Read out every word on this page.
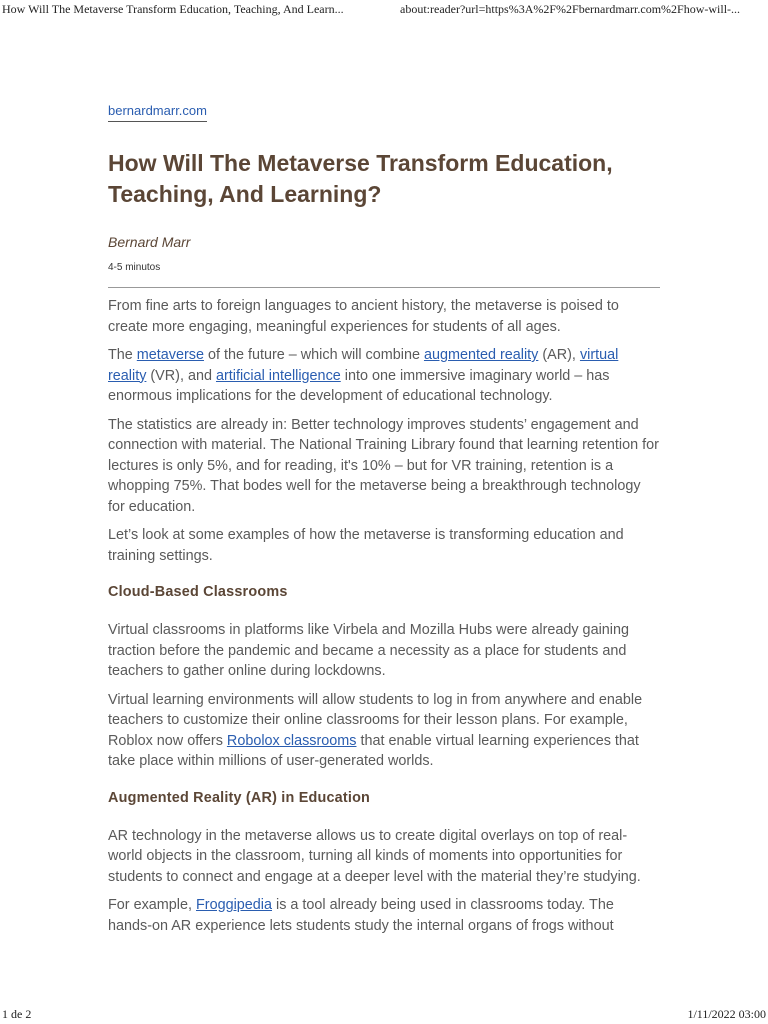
How Will The Metaverse Transform Education, Teaching, And Learn...	about:reader?url=https%3A%2F%2Fbernardmarr.com%2Fhow-will-...
bernardmarr.com
How Will The Metaverse Transform Education, Teaching, And Learning?
Bernard Marr
4-5 minutos

From fine arts to foreign languages to ancient history, the metaverse is poised to create more engaging, meaningful experiences for students of all ages.

The metaverse of the future – which will combine augmented reality (AR), virtual reality (VR), and artificial intelligence into one immersive imaginary world – has enormous implications for the development of educational technology.

The statistics are already in: Better technology improves students’ engagement and connection with material. The National Training Library found that learning retention for lectures is only 5%, and for reading, it's 10% – but for VR training, retention is a whopping 75%. That bodes well for the metaverse being a breakthrough technology for education.

Let’s look at some examples of how the metaverse is transforming education and training settings.

Cloud-Based Classrooms

Virtual classrooms in platforms like Virbela and Mozilla Hubs were already gaining traction before the pandemic and became a necessity as a place for students and teachers to gather online during lockdowns.

Virtual learning environments will allow students to log in from anywhere and enable teachers to customize their online classrooms for their lesson plans. For example, Roblox now offers Robolox classrooms that enable virtual learning experiences that take place within millions of user-generated worlds.

Augmented Reality (AR) in Education

AR technology in the metaverse allows us to create digital overlays on top of real-world objects in the classroom, turning all kinds of moments into opportunities for students to connect and engage at a deeper level with the material they’re studying.

For example, Froggipedia is a tool already being used in classrooms today. The hands-on AR experience lets students study the internal organs of frogs without

1 de 2	1/11/2022 03:00
